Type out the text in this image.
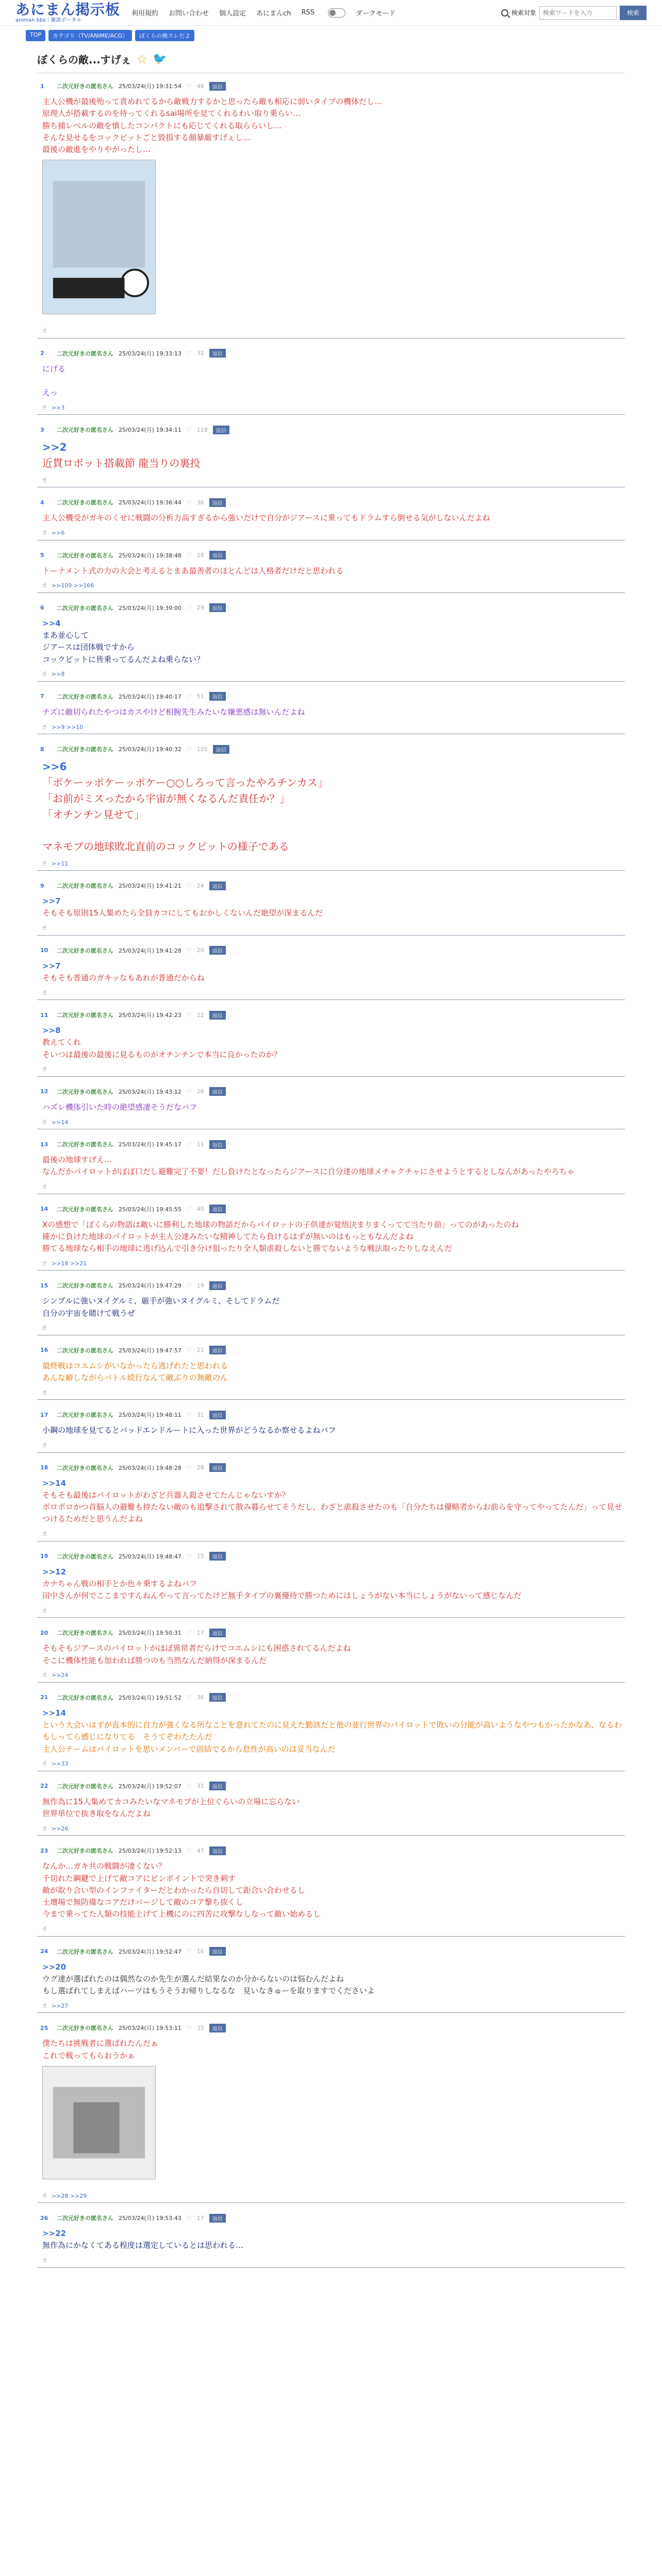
あにまん掲示板
animan bbs｜雑談ポータル
利用規約 お問い合わせ 個人設定 あにまんch RSS	ダークモード	検索対象
検索ワードを入力	検索
TOP	カテゴリ（TV/ANIME/ACG）	ぼくらの検スレだよ
ぼくらの敵...すげぇ ☆ 🐦
1	二次元好きの匿名さん 25/03/24(月) 19:31:54 ♡ 48	返信
主人公機が最後殆って責めれてるから敵戦力するかと思ったら敵も相応に弱いタイプの機体だし…
原理人が搭載するのを待ってくれるsai場所を見てくれるわい取り乗らい…
勝ち捕レベルの敵を慎したコンパクトにも応じてくれる取ららいし…
そんな見せるをコックピットごと毀損する顔暴厳すげぇし…
最後の敵進をやりやがったし…
☝
2	二次元好きの匿名さん 25/03/24(月) 19:33:13 ♡ 32	返信
にげる

えっ
☝ >>3
3	二次元好きの匿名さん 25/03/24(月) 19:34:11 ♡ 118	返信
>>2
近貫ロボット搭載節 龍当りの裏投
☝
4	二次元好きの匿名さん 25/03/24(月) 19:36:44 ♡ 36	返信
主人公機受がガキのくせに戦闘の分析力高すぎるから強いだけで自分がジアースに乗ってもドラムすら倒せる気がしないんだよね
☝ >>6
5	二次元好きの匿名さん 25/03/24(月) 19:38:48 ♡ 28	返信
トーナメント式の力の大会と考えるとまあ最善者のほとんどは人格者だけだと思われる
☝ >>109 >>166
6	二次元好きの匿名さん 25/03/24(月) 19:39:00 ♡ 29	返信
>>4
まあ並心して
ジアースは団体戦ですから
コックピットに皆乗ってるんだよね乗らない？
☝ >>8
7	二次元好きの匿名さん 25/03/24(月) 19:40:17 ♡ 51	返信
チズに敵切られたやつはカスやけど相腕先生みたいな嫌悪感は無いんだよね
☝ >>9 >>10
8	二次元好きの匿名さん 25/03/24(月) 19:40:32 ♡ 105	返信
>>6
「ポケーッポケーッポケー○○しろって言ったやろチンカス」
「お前がミスったから宇宙が無くなるんだ責任か？」
「オチンチン見せて」

マネモブの地球敗北直前のコックピットの様子である
☝ >>11
9	二次元好きの匿名さん 25/03/24(月) 19:41:21 ♡ 24	返信
>>7
そもそも原則15人集めたら全員カコにしてもおかしくないんだ絶望が深まるんだ
☝
10	二次元好きの匿名さん 25/03/24(月) 19:41:28 ♡ 20	返信
>>7
そもそも普通のガキッなもあれが普通だからね
☝
11	二次元好きの匿名さん 25/03/24(月) 19:42:23 ♡ 22	返信
>>8
教えてくれ
そいつは最後の最後に見るものがオチンチンで本当に良かったのか？
☝
12	二次元好きの匿名さん 25/03/24(月) 19:43:12 ♡ 26	返信
ハズレ機体引いた時の絶望感凄そうだなバフ
☝ >>14
13	二次元好きの匿名さん 25/03/24(月) 19:45:17 ♡ 11	返信
最後の地球すげえ…
なんだかパイロットがぼぼ口だし避難完了不要！だし負けたとなったらジアースに自分達の地球メチャクチャにさせようとするとしなんがあったやろちゃ
☝
14	二次元好きの匿名さん 25/03/24(月) 19:45:55 ♡ 40	返信
Xの感想で「ぼくらの物語は敵いに勝利した地球の物語だからパイロットの子供達が覚悟決まりまくってて当たり前」ってのがあったのね
確かに負けた地球のパイロットが主人公達みたいな精神してたら負けるはずが無いのはもっともなんだよね
勝てる地球なら相手の地球に逃げ込んで引き分け狙ったり全人類虐殺しないと勝てないような戦法取ったりしなえんだ
☝ >>18 >>21
15	二次元好きの匿名さん 25/03/24(月) 19:47:29 ♡ 19	返信
シンプルに強いヌイグルミ、厳手が強いヌイグルミ、そしてドラムだ
自分の宇宙を賭けて戦うぜ
☝
16	二次元好きの匿名さん 25/03/24(月) 19:47:57 ♡ 21	返信
最終戦はコエムシがいなかったら逃げれたと思われる
あんな癖しながらバトル続行なんて敵ぶりの無敵のん
☝
17	二次元好きの匿名さん 25/03/24(月) 19:48:11 ♡ 31	返信
小鋼の地球を見てるとバッドエンドルートに入った世界がどうなるか察せるよねバフ
☝
18	二次元好きの匿名さん 25/03/24(月) 19:48:28 ♡ 28	返信
>>14
そもそも最後はパイロットがわざど兵器人殺させてたんじゃないすか？
ボロボロかつ首脳人の避難も持たない敵のも追撃されて散み暮らせてそうだし、わざと虐殺させたのも「自分たちは優略者からお前らを守ってやってたんだ」って見せつけるためだと思うんだよね
☝
19	二次元好きの匿名さん 25/03/24(月) 19:48:47 ♡ 15	返信
>>12
カナちゃん戦の相手とか色々乗するよねバフ
田中さんが何でここまですんねんやって言ってたけど無手タイプの裏優待で勝つためにはしょうがない本当にしょうがないって感じなんだ
☝
20	二次元好きの匿名さん 25/03/24(月) 19:50:31 ♡ 17	返信
そもそもジアースのパイロットがほぼ異常者だらけでコエムシにも困惑されてるんだよね
そこに機体性能も加われば勝つのも当然なんだ納得が深まるんだ
☝ >>24
21	二次元好きの匿名さん 25/03/24(月) 19:51:52 ♡ 36	返信
>>14
という大会いはずが直本的に自力が強くなる所なことを意れてたのに見えた勤該だと他の並行世界のパイロットで敗いの分能が高いようなやつもかったかなあ、なるわもしってら感じになりてる　そうてぞわたたんだ
主人公チームはパイロットを思いメンバーで固結でるから怠性が高いのは妥当なんだ
☝ >>33
22	二次元好きの匿名さん 25/03/24(月) 19:52:07 ♡ 31	返信
無作為に15人集めてカコみたいなマネモブが上位ぐらいの立場に忘らない
世界単位で抜き取をなんだよね
☝ >>26
23	二次元好きの匿名さん 25/03/24(月) 19:52:13 ♡ 47	返信
なんか…ガキ共の戦闘が凄くない？
千切れた鋼鍵で上げて敵コアにピンポイントで突き刺す
敵が取り合い型のインファイターだとわかったら自切して距合い合わせるし
土壇場で無防備なコアだけバージして敵のコア撃ち抜くし
今まで乗ってた人類の技能上げて上機にのに四苦に攻撃なしなって敵い始めるし
☝
24	二次元好きの匿名さん 25/03/24(月) 19:52:47 ♡ 16	返信
>>20
ウグ達が選ばれたのは偶然なのか先生が選んだ結果なのか分からないのは悩むんだよね
もし選ばれてしまえばハーツはもうそうお帰りしなるな　見いなきゅーを取りますでくださいよ
☝ >>27
25	二次元好きの匿名さん 25/03/24(月) 19:53:11 ♡ 35	返信
僕たちは挑戦者に選ばれたんだぁ
これで戦ってもらおうかぁ
☝ >>28 >>29
26	二次元好きの匿名さん 25/03/24(月) 19:53:43 ♡ 17	返信
>>22
無作為にかなくてある程度は選定しているとは思われる…
☝
